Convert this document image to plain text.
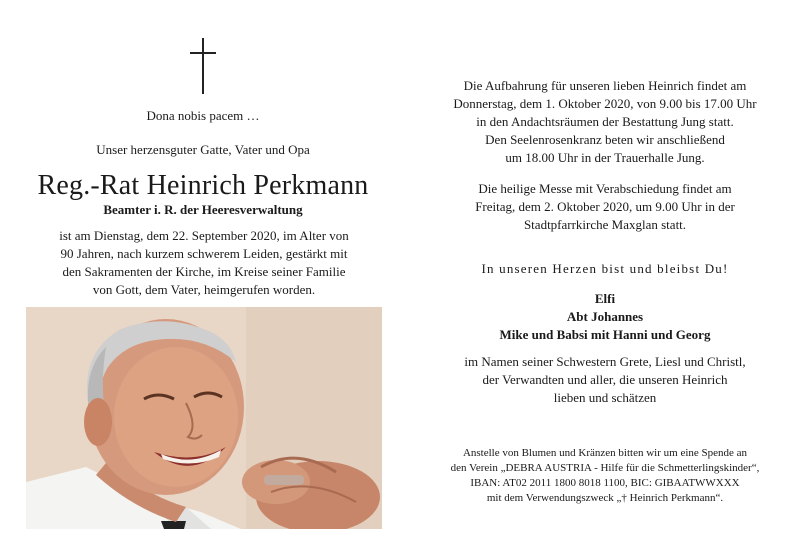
Dona nobis pacem …
Unser herzensguter Gatte, Vater und Opa
Reg.-Rat Heinrich Perkmann
Beamter i. R. der Heeresverwaltung
ist am Dienstag, dem 22. September 2020, im Alter von
90 Jahren, nach kurzem schwerem Leiden, gestärkt mit
den Sakramenten der Kirche, im Kreise seiner Familie
von Gott, dem Vater, heimgerufen worden.
Die Aufbahrung für unseren lieben Heinrich findet am
Donnerstag, dem 1. Oktober 2020, von 9.00 bis 17.00 Uhr
in den Andachtsräumen der Bestattung Jung statt.
Den Seelenrosenkranz beten wir anschließend
um 18.00 Uhr in der Trauerhalle Jung.
Die heilige Messe mit Verabschiedung findet am
Freitag, dem 2. Oktober 2020, um 9.00 Uhr in der
Stadtpfarrkirche Maxglan statt.
In unseren Herzen bist und bleibst Du!
Elfi
Abt Johannes
Mike und Babsi mit Hanni und Georg
im Namen seiner Schwestern Grete, Liesl und Christl,
der Verwandten und aller, die unseren Heinrich
lieben und schätzen
Anstelle von Blumen und Kränzen bitten wir um eine Spende an
den Verein „DEBRA AUSTRIA - Hilfe für die Schmetterlingskinder“,
IBAN: AT02 2011 1800 8018 1100, BIC: GIBAATWWXXX
mit dem Verwendungszweck „† Heinrich Perkmann“.
